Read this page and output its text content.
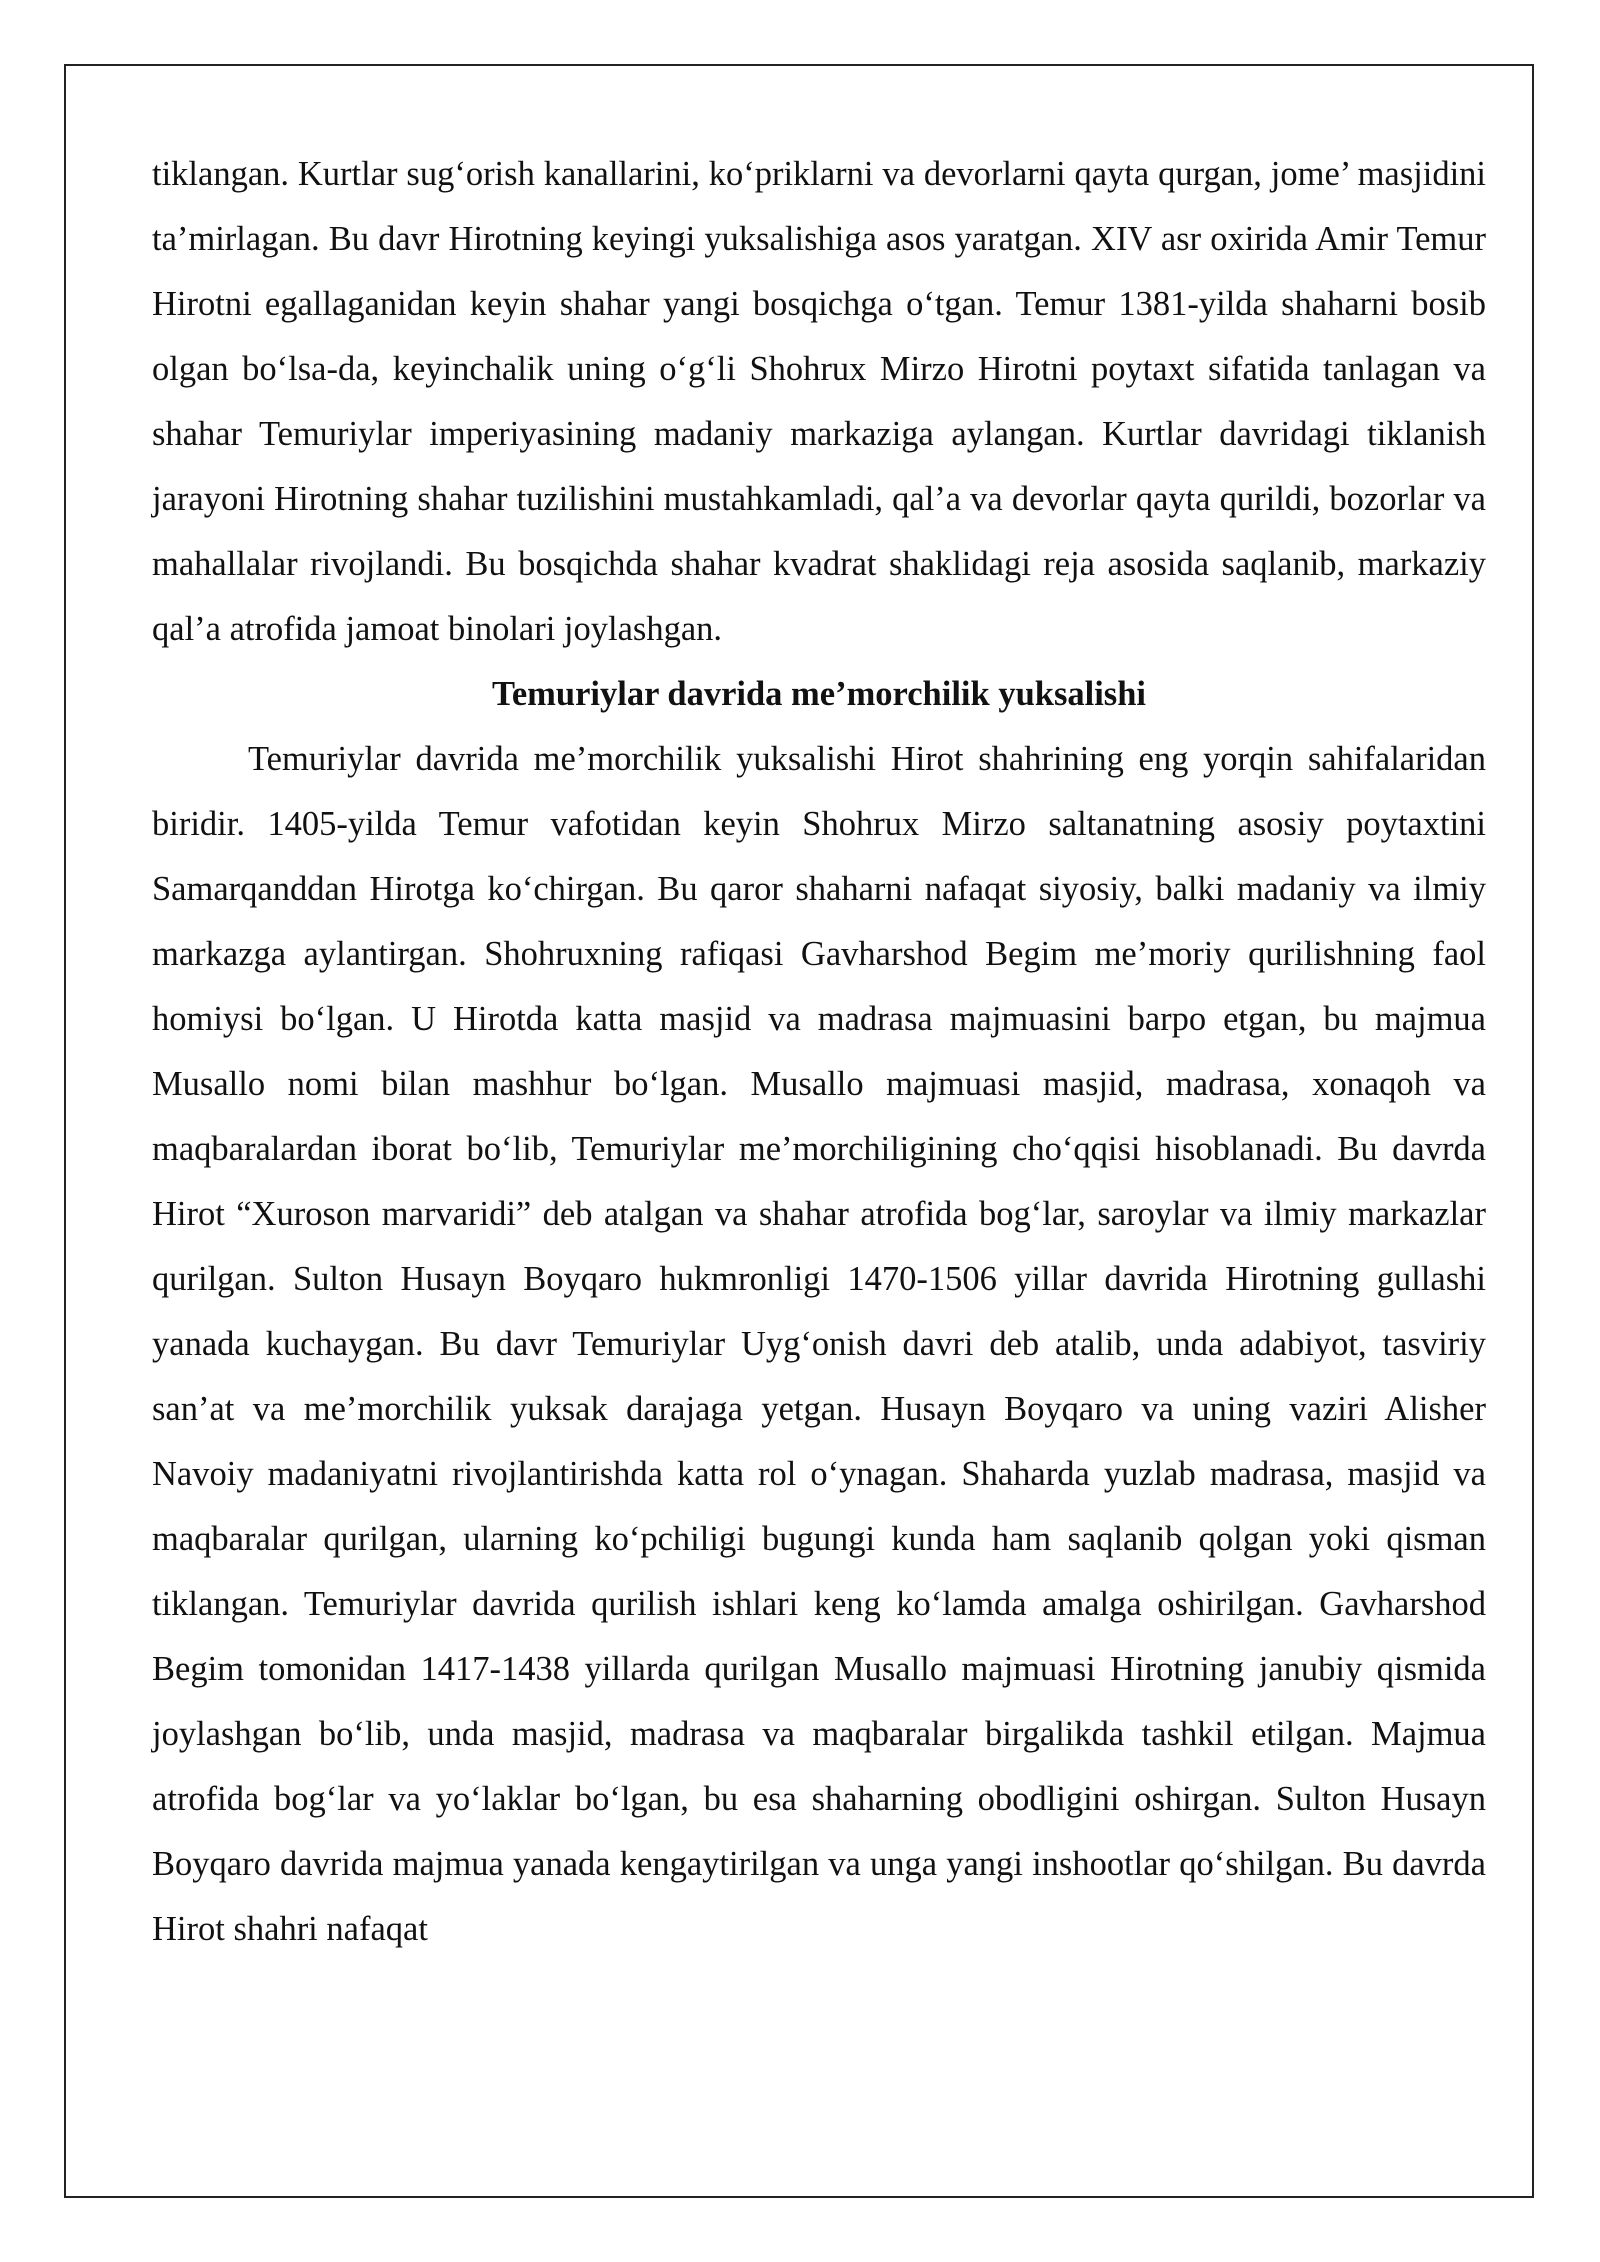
tiklangan. Kurtlar sug‘orish kanallarini, ko‘priklarni va devorlarni qayta qurgan, jome’ masjidini ta’mirlagan. Bu davr Hirotning keyingi yuksalishiga asos yaratgan. XIV asr oxirida Amir Temur Hirotni egallaganidan keyin shahar yangi bosqichga o‘tgan. Temur 1381-yilda shaharni bosib olgan bo‘lsa-da, keyinchalik uning o‘g‘li Shohrux Mirzo Hirotni poytaxt sifatida tanlagan va shahar Temuriylar imperiyasining madaniy markaziga aylangan. Kurtlar davridagi tiklanish jarayoni Hirotning shahar tuzilishini mustahkamladi, qal’a va devorlar qayta qurildi, bozorlar va mahallalar rivojlandi. Bu bosqichda shahar kvadrat shaklidagi reja asosida saqlanib, markaziy qal’a atrofida jamoat binolari joylashgan.

Temuriylar davrida me’morchilik yuksalishi

Temuriylar davrida me’morchilik yuksalishi Hirot shahrining eng yorqin sahifalaridan biridir. 1405-yilda Temur vafotidan keyin Shohrux Mirzo saltanatning asosiy poytaxtini Samarqanddan Hirotga ko‘chirgan. Bu qaror shaharni nafaqat siyosiy, balki madaniy va ilmiy markazga aylantirgan. Shohruxning rafiqasi Gavharshod Begim me’moriy qurilishning faol homiysi bo‘lgan. U Hirotda katta masjid va madrasa majmuasini barpo etgan, bu majmua Musallo nomi bilan mashhur bo‘lgan. Musallo majmuasi masjid, madrasa, xonaqoh va maqbaralardan iborat bo‘lib, Temuriylar me’morchiligining cho‘qqisi hisoblanadi. Bu davrda Hirot “Xuroson marvaridi” deb atalgan va shahar atrofida bog‘lar, saroylar va ilmiy markazlar qurilgan. Sulton Husayn Boyqaro hukmronligi 1470-1506 yillar davrida Hirotning gullashi yanada kuchaygan. Bu davr Temuriylar Uyg‘onish davri deb atalib, unda adabiyot, tasviriy san’at va me’morchilik yuksak darajaga yetgan. Husayn Boyqaro va uning vaziri Alisher Navoiy madaniyatni rivojlantirishda katta rol o‘ynagan. Shaharda yuzlab madrasa, masjid va maqbaralar qurilgan, ularning ko‘pchiligi bugungi kunda ham saqlanib qolgan yoki qisman tiklangan. Temuriylar davrida qurilish ishlari keng ko‘lamda amalga oshirilgan. Gavharshod Begim tomonidan 1417-1438 yillarda qurilgan Musallo majmuasi Hirotning janubiy qismida joylashgan bo‘lib, unda masjid, madrasa va maqbaralar birgalikda tashkil etilgan. Majmua atrofida bog‘lar va yo‘laklar bo‘lgan, bu esa shaharning obodligini oshirgan. Sulton Husayn Boyqaro davrida majmua yanada kengaytirilgan va unga yangi inshootlar qo‘shilgan. Bu davrda Hirot shahri nafaqat
